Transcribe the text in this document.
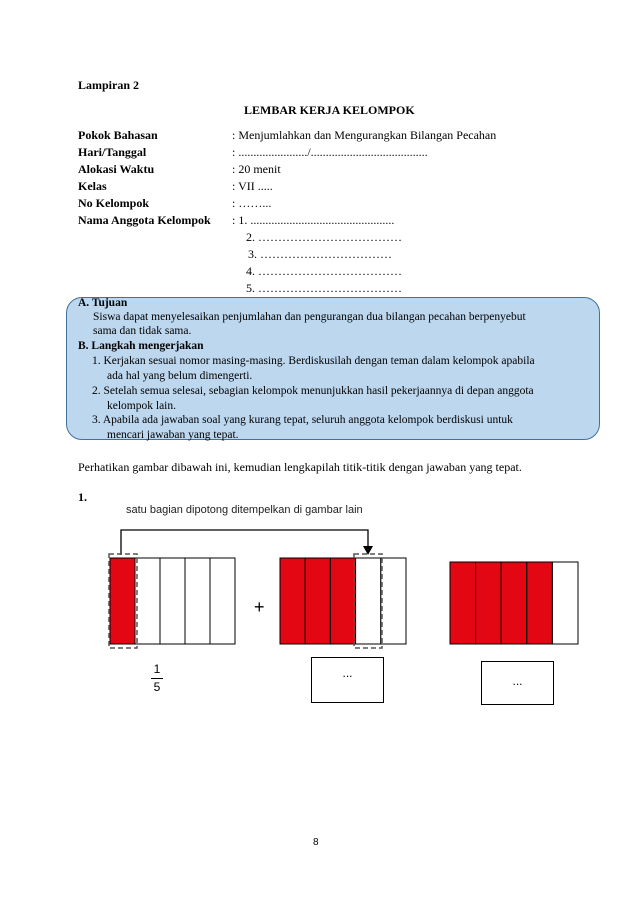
Lampiran 2
LEMBAR KERJA KELOMPOK
Pokok Bahasan	: Menjumlahkan dan Mengurangkan Bilangan Pecahan
Hari/Tanggal	: ......................./.......................................
Alokasi Waktu	: 20 menit
Kelas	: VII .....
No Kelompok	: ……...
Nama Anggota Kelompok : 1. ................................................
2. ………………………………
3. ……………………………
4. ………………………………
5. ………………………………
A. Tujuan
Siswa dapat menyelesaikan penjumlahan dan pengurangan dua bilangan pecahan berpenyebut
sama dan tidak sama.
B. Langkah mengerjakan
1. Kerjakan sesuai nomor masing-masing. Berdiskusilah dengan teman dalam kelompok apabila
ada hal yang belum dimengerti.
2. Setelah semua selesai, sebagian kelompok menunjukkan hasil pekerjaannya di depan anggota
kelompok lain.
3. Apabila ada jawaban soal yang kurang tepat, seluruh anggota kelompok berdiskusi untuk
mencari jawaban yang tepat.
Perhatikan gambar dibawah ini, kemudian lengkapilah titik-titik dengan jawaban yang tepat.
1.
satu bagian dipotong ditempelkan di gambar lain
+
1
5
...
...
8
